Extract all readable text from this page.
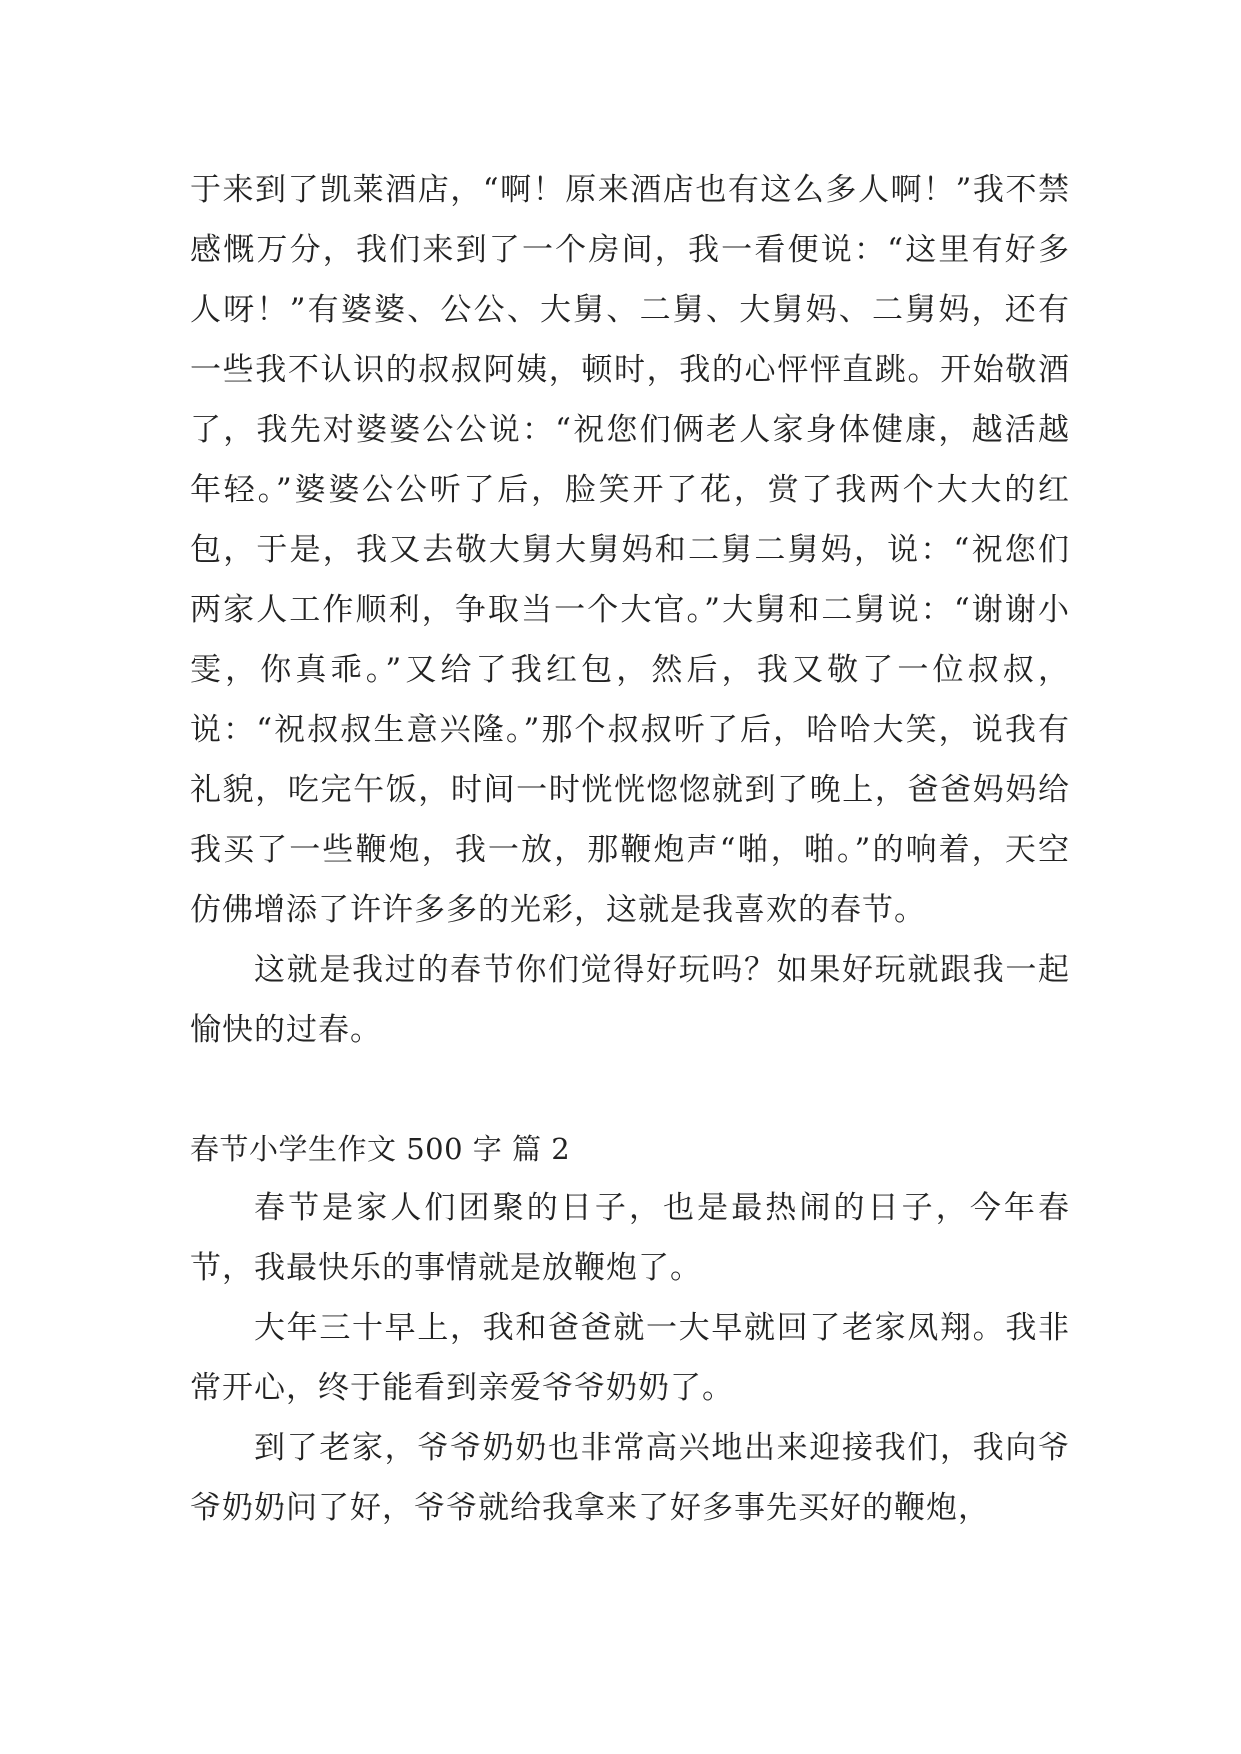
于来到了凯莱酒店，“啊！原来酒店也有这么多人啊！”我不禁感慨万分，我们来到了一个房间，我一看便说：“这里有好多人呀！”有婆婆、公公、大舅、二舅、大舅妈、二舅妈，还有一些我不认识的叔叔阿姨，顿时，我的心怦怦直跳。开始敬酒了，我先对婆婆公公说：“祝您们俩老人家身体健康，越活越年轻。”婆婆公公听了后，脸笑开了花，赏了我两个大大的红包，于是，我又去敬大舅大舅妈和二舅二舅妈，说：“祝您们两家人工作顺利，争取当一个大官。”大舅和二舅说：“谢谢小雯，你真乖。”又给了我红包，然后，我又敬了一位叔叔，说：“祝叔叔生意兴隆。”那个叔叔听了后，哈哈大笑，说我有礼貌，吃完午饭，时间一时恍恍惚惚就到了晚上，爸爸妈妈给我买了一些鞭炮，我一放，那鞭炮声“啪，啪。”的响着，天空仿佛增添了许许多多的光彩，这就是我喜欢的春节。

这就是我过的春节你们觉得好玩吗？如果好玩就跟我一起愉快的过春。

春节小学生作文 500 字 篇 2

春节是家人们团聚的日子，也是最热闹的日子，今年春节，我最快乐的事情就是放鞭炮了。

大年三十早上，我和爸爸就一大早就回了老家凤翔。我非常开心，终于能看到亲爱爷爷奶奶了。

到了老家，爷爷奶奶也非常高兴地出来迎接我们，我向爷爷奶奶问了好，爷爷就给我拿来了好多事先买好的鞭炮，
